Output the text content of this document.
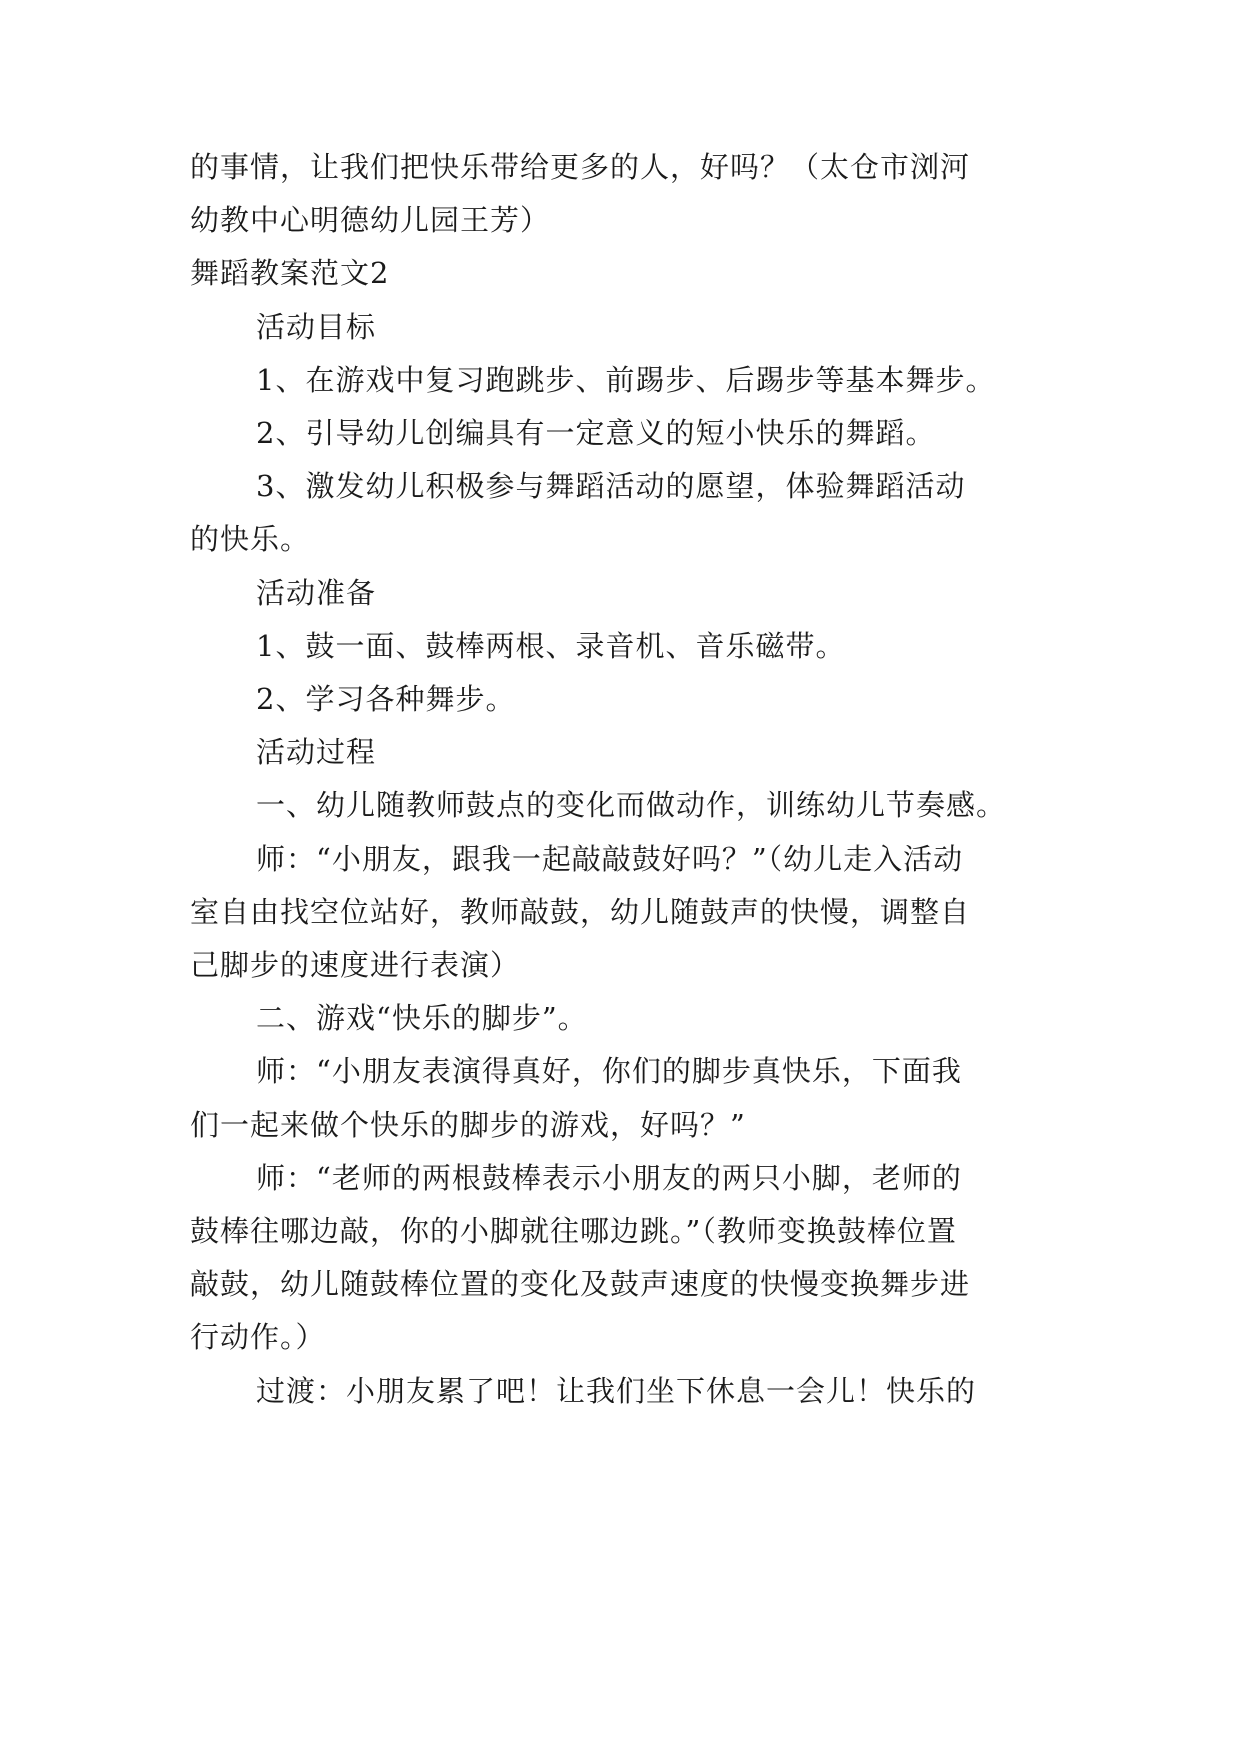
的事情，让我们把快乐带给更多的人，好吗？（太仓市浏河
幼教中心明德幼儿园王芳）
舞蹈教案范文2
活动目标
1、在游戏中复习跑跳步、前踢步、后踢步等基本舞步。
2、引导幼儿创编具有一定意义的短小快乐的舞蹈。
3、激发幼儿积极参与舞蹈活动的愿望，体验舞蹈活动
的快乐。
活动准备
1、鼓一面、鼓棒两根、录音机、音乐磁带。
2、学习各种舞步。
活动过程
一、幼儿随教师鼓点的变化而做动作，训练幼儿节奏感。
师：“小朋友，跟我一起敲敲鼓好吗？”（幼儿走入活动
室自由找空位站好，教师敲鼓，幼儿随鼓声的快慢，调整自
己脚步的速度进行表演）
二、游戏“快乐的脚步”。
师：“小朋友表演得真好，你们的脚步真快乐，下面我
们一起来做个快乐的脚步的游戏，好吗？”
师：“老师的两根鼓棒表示小朋友的两只小脚，老师的
鼓棒往哪边敲，你的小脚就往哪边跳。”（教师变换鼓棒位置
敲鼓，幼儿随鼓棒位置的变化及鼓声速度的快慢变换舞步进
行动作。）
过渡：小朋友累了吧！让我们坐下休息一会儿！快乐的
